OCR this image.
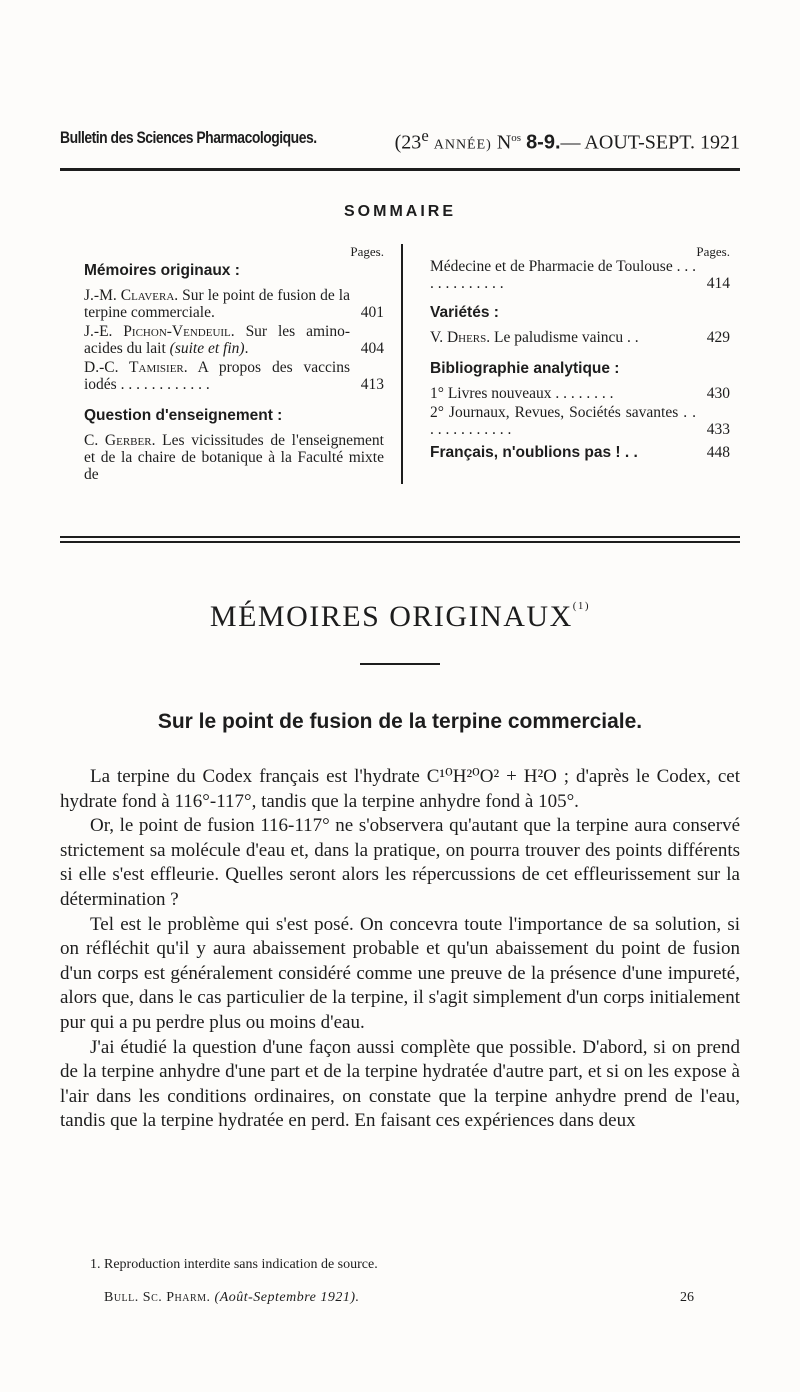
Bulletin des Sciences Pharmacologiques.	(23e ANNÉE) $N^{os}$ 8-9.— AOUT-SEPT. 1921
SOMMAIRE
Pages.
Mémoires originaux :
J.-M. Clavera. Sur le point de fusion de la terpine commerciale.	401
J.-E. Pichon-Vendeuil. Sur les amino-acides du lait (suite et fin).	404
D.-C. Tamisier. A propos des vaccins iodés . . . . . . . . . . . .	413
Question d'enseignement :
C. Gerber. Les vicissitudes de l'enseignement et de la chaire de botanique à la Faculté mixte de
Pages.
Médecine et de Pharmacie de Toulouse . . . . . . . . . . . . .	414
Variétés :
V. Dhers. Le paludisme vaincu . .	429
Bibliographie analytique :
1° Livres nouveaux . . . . . . . .	430
2° Journaux, Revues, Sociétés savantes . . . . . . . . . . . . .	433
Français, n'oublions pas ! . .	448
MÉMOIRES ORIGINAUX$^{(1)}$
Sur le point de fusion de la terpine commerciale.

La terpine du Codex français est l'hydrate C¹⁰H²⁰O² + H²O ; d'après le Codex, cet hydrate fond à 116°-117°, tandis que la terpine anhydre fond à 105°.

Or, le point de fusion 116-117° ne s'observera qu'autant que la terpine aura conservé strictement sa molécule d'eau et, dans la pratique, on pourra trouver des points différents si elle s'est effleurie. Quelles seront alors les répercussions de cet effleurissement sur la détermination ?

Tel est le problème qui s'est posé. On concevra toute l'importance de sa solution, si on réfléchit qu'il y aura abaissement probable et qu'un abaissement du point de fusion d'un corps est généralement considéré comme une preuve de la présence d'une impureté, alors que, dans le cas particulier de la terpine, il s'agit simplement d'un corps initialement pur qui a pu perdre plus ou moins d'eau.

J'ai étudié la question d'une façon aussi complète que possible. D'abord, si on prend de la terpine anhydre d'une part et de la terpine hydratée d'autre part, et si on les expose à l'air dans les conditions ordinaires, on constate que la terpine anhydre prend de l'eau, tandis que la terpine hydratée en perd. En faisant ces expériences dans deux

1. Reproduction interdite sans indication de source.
Bull. Sc. Pharm. (Août-Septembre 1921).	26
